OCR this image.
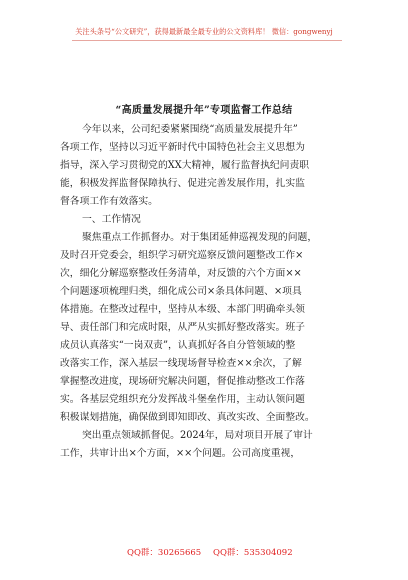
关注头条号“公文研究”，获得最新最全最专业的公文资料库！ 微信：gongwenyj
“高质量发展提升年”专项监督工作总结
今年以来，公司纪委紧紧围绕“高质量发展提升年”
各项工作，坚持以习近平新时代中国特色社会主义思想为
指导，深入学习贯彻党的XX大精神，履行监督执纪问责职
能，积极发挥监督保障执行、促进完善发展作用，扎实监
督各项工作有效落实。
一、工作情况
聚焦重点工作抓督办。对于集团延伸巡视发现的问题，
及时召开党委会，组织学习研究巡察反馈问题整改工作×
次，细化分解巡察整改任务清单，对反馈的六个方面××
个问题逐项梳理归类，细化成公司×条具体问题、×项具
体措施。在整改过程中，坚持从本级、本部门明确牵头领
导、责任部门和完成时限，从严从实抓好整改落实。班子
成员认真落实“一岗双责”，认真抓好各自分管领域的整
改落实工作，深入基层一线现场督导检查××余次，了解
掌握整改进度，现场研究解决问题，督促推动整改工作落
实。各基层党组织充分发挥战斗堡垒作用，主动认领问题
积极谋划措施，确保做到即知即改、真改实改、全面整改。
突出重点领域抓督促。2024年，局对项目开展了审计
工作，共审计出×个方面，××个问题。公司高度重视，
QQ群：30265665 QQ群：535304092
